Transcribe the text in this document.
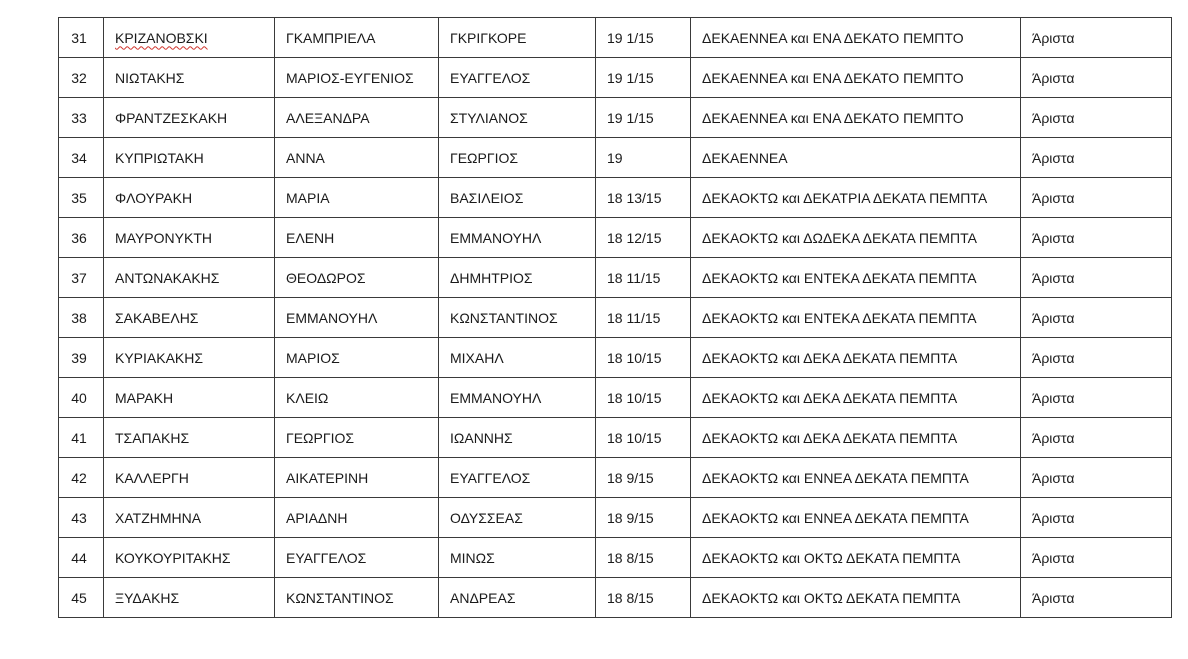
31	ΚΡΙΖΑΝΟΒΣΚΙ	ΓΚΑΜΠΡΙΕΛΑ	ΓΚΡΙΓΚΟΡΕ	19 1/15	ΔΕΚΑΕΝΝΕΑ και ΕΝΑ ΔΕΚΑΤΟ ΠΕΜΠΤΟ	Άριστα
32	ΝΙΩΤΑΚΗΣ	ΜΑΡΙΟΣ-ΕΥΓΕΝΙΟΣ	ΕΥΑΓΓΕΛΟΣ	19 1/15	ΔΕΚΑΕΝΝΕΑ και ΕΝΑ ΔΕΚΑΤΟ ΠΕΜΠΤΟ	Άριστα
33	ΦΡΑΝΤΖΕΣΚΑΚΗ	ΑΛΕΞΑΝΔΡΑ	ΣΤΥΛΙΑΝΟΣ	19 1/15	ΔΕΚΑΕΝΝΕΑ και ΕΝΑ ΔΕΚΑΤΟ ΠΕΜΠΤΟ	Άριστα
34	ΚΥΠΡΙΩΤΑΚΗ	ΑΝΝΑ	ΓΕΩΡΓΙΟΣ	19	ΔΕΚΑΕΝΝΕΑ	Άριστα
35	ΦΛΟΥΡΑΚΗ	ΜΑΡΙΑ	ΒΑΣΙΛΕΙΟΣ	18 13/15	ΔΕΚΑΟΚΤΩ και ΔΕΚΑΤΡΙΑ ΔΕΚΑΤΑ ΠΕΜΠΤΑ	Άριστα
36	ΜΑΥΡΟΝΥΚΤΗ	ΕΛΕΝΗ	ΕΜΜΑΝΟΥΗΛ	18 12/15	ΔΕΚΑΟΚΤΩ και ΔΩΔΕΚΑ ΔΕΚΑΤΑ ΠΕΜΠΤΑ	Άριστα
37	ΑΝΤΩΝΑΚΑΚΗΣ	ΘΕΟΔΩΡΟΣ	ΔΗΜΗΤΡΙΟΣ	18 11/15	ΔΕΚΑΟΚΤΩ και ΕΝΤΕΚΑ ΔΕΚΑΤΑ ΠΕΜΠΤΑ	Άριστα
38	ΣΑΚΑΒΕΛΗΣ	ΕΜΜΑΝΟΥΗΛ	ΚΩΝΣΤΑΝΤΙΝΟΣ	18 11/15	ΔΕΚΑΟΚΤΩ και ΕΝΤΕΚΑ ΔΕΚΑΤΑ ΠΕΜΠΤΑ	Άριστα
39	ΚΥΡΙΑΚΑΚΗΣ	ΜΑΡΙΟΣ	ΜΙΧΑΗΛ	18 10/15	ΔΕΚΑΟΚΤΩ και ΔΕΚΑ ΔΕΚΑΤΑ ΠΕΜΠΤΑ	Άριστα
40	ΜΑΡΑΚΗ	ΚΛΕΙΩ	ΕΜΜΑΝΟΥΗΛ	18 10/15	ΔΕΚΑΟΚΤΩ και ΔΕΚΑ ΔΕΚΑΤΑ ΠΕΜΠΤΑ	Άριστα
41	ΤΣΑΠΑΚΗΣ	ΓΕΩΡΓΙΟΣ	ΙΩΑΝΝΗΣ	18 10/15	ΔΕΚΑΟΚΤΩ και ΔΕΚΑ ΔΕΚΑΤΑ ΠΕΜΠΤΑ	Άριστα
42	ΚΑΛΛΕΡΓΗ	ΑΙΚΑΤΕΡΙΝΗ	ΕΥΑΓΓΕΛΟΣ	18 9/15	ΔΕΚΑΟΚΤΩ και ΕΝΝΕΑ ΔΕΚΑΤΑ ΠΕΜΠΤΑ	Άριστα
43	ΧΑΤΖΗΜΗΝΑ	ΑΡΙΑΔΝΗ	ΟΔΥΣΣΕΑΣ	18 9/15	ΔΕΚΑΟΚΤΩ και ΕΝΝΕΑ ΔΕΚΑΤΑ ΠΕΜΠΤΑ	Άριστα
44	ΚΟΥΚΟΥΡΙΤΑΚΗΣ	ΕΥΑΓΓΕΛΟΣ	ΜΙΝΩΣ	18 8/15	ΔΕΚΑΟΚΤΩ και ΟΚΤΩ ΔΕΚΑΤΑ ΠΕΜΠΤΑ	Άριστα
45	ΞΥΔΑΚΗΣ	ΚΩΝΣΤΑΝΤΙΝΟΣ	ΑΝΔΡΕΑΣ	18 8/15	ΔΕΚΑΟΚΤΩ και ΟΚΤΩ ΔΕΚΑΤΑ ΠΕΜΠΤΑ	Άριστα
